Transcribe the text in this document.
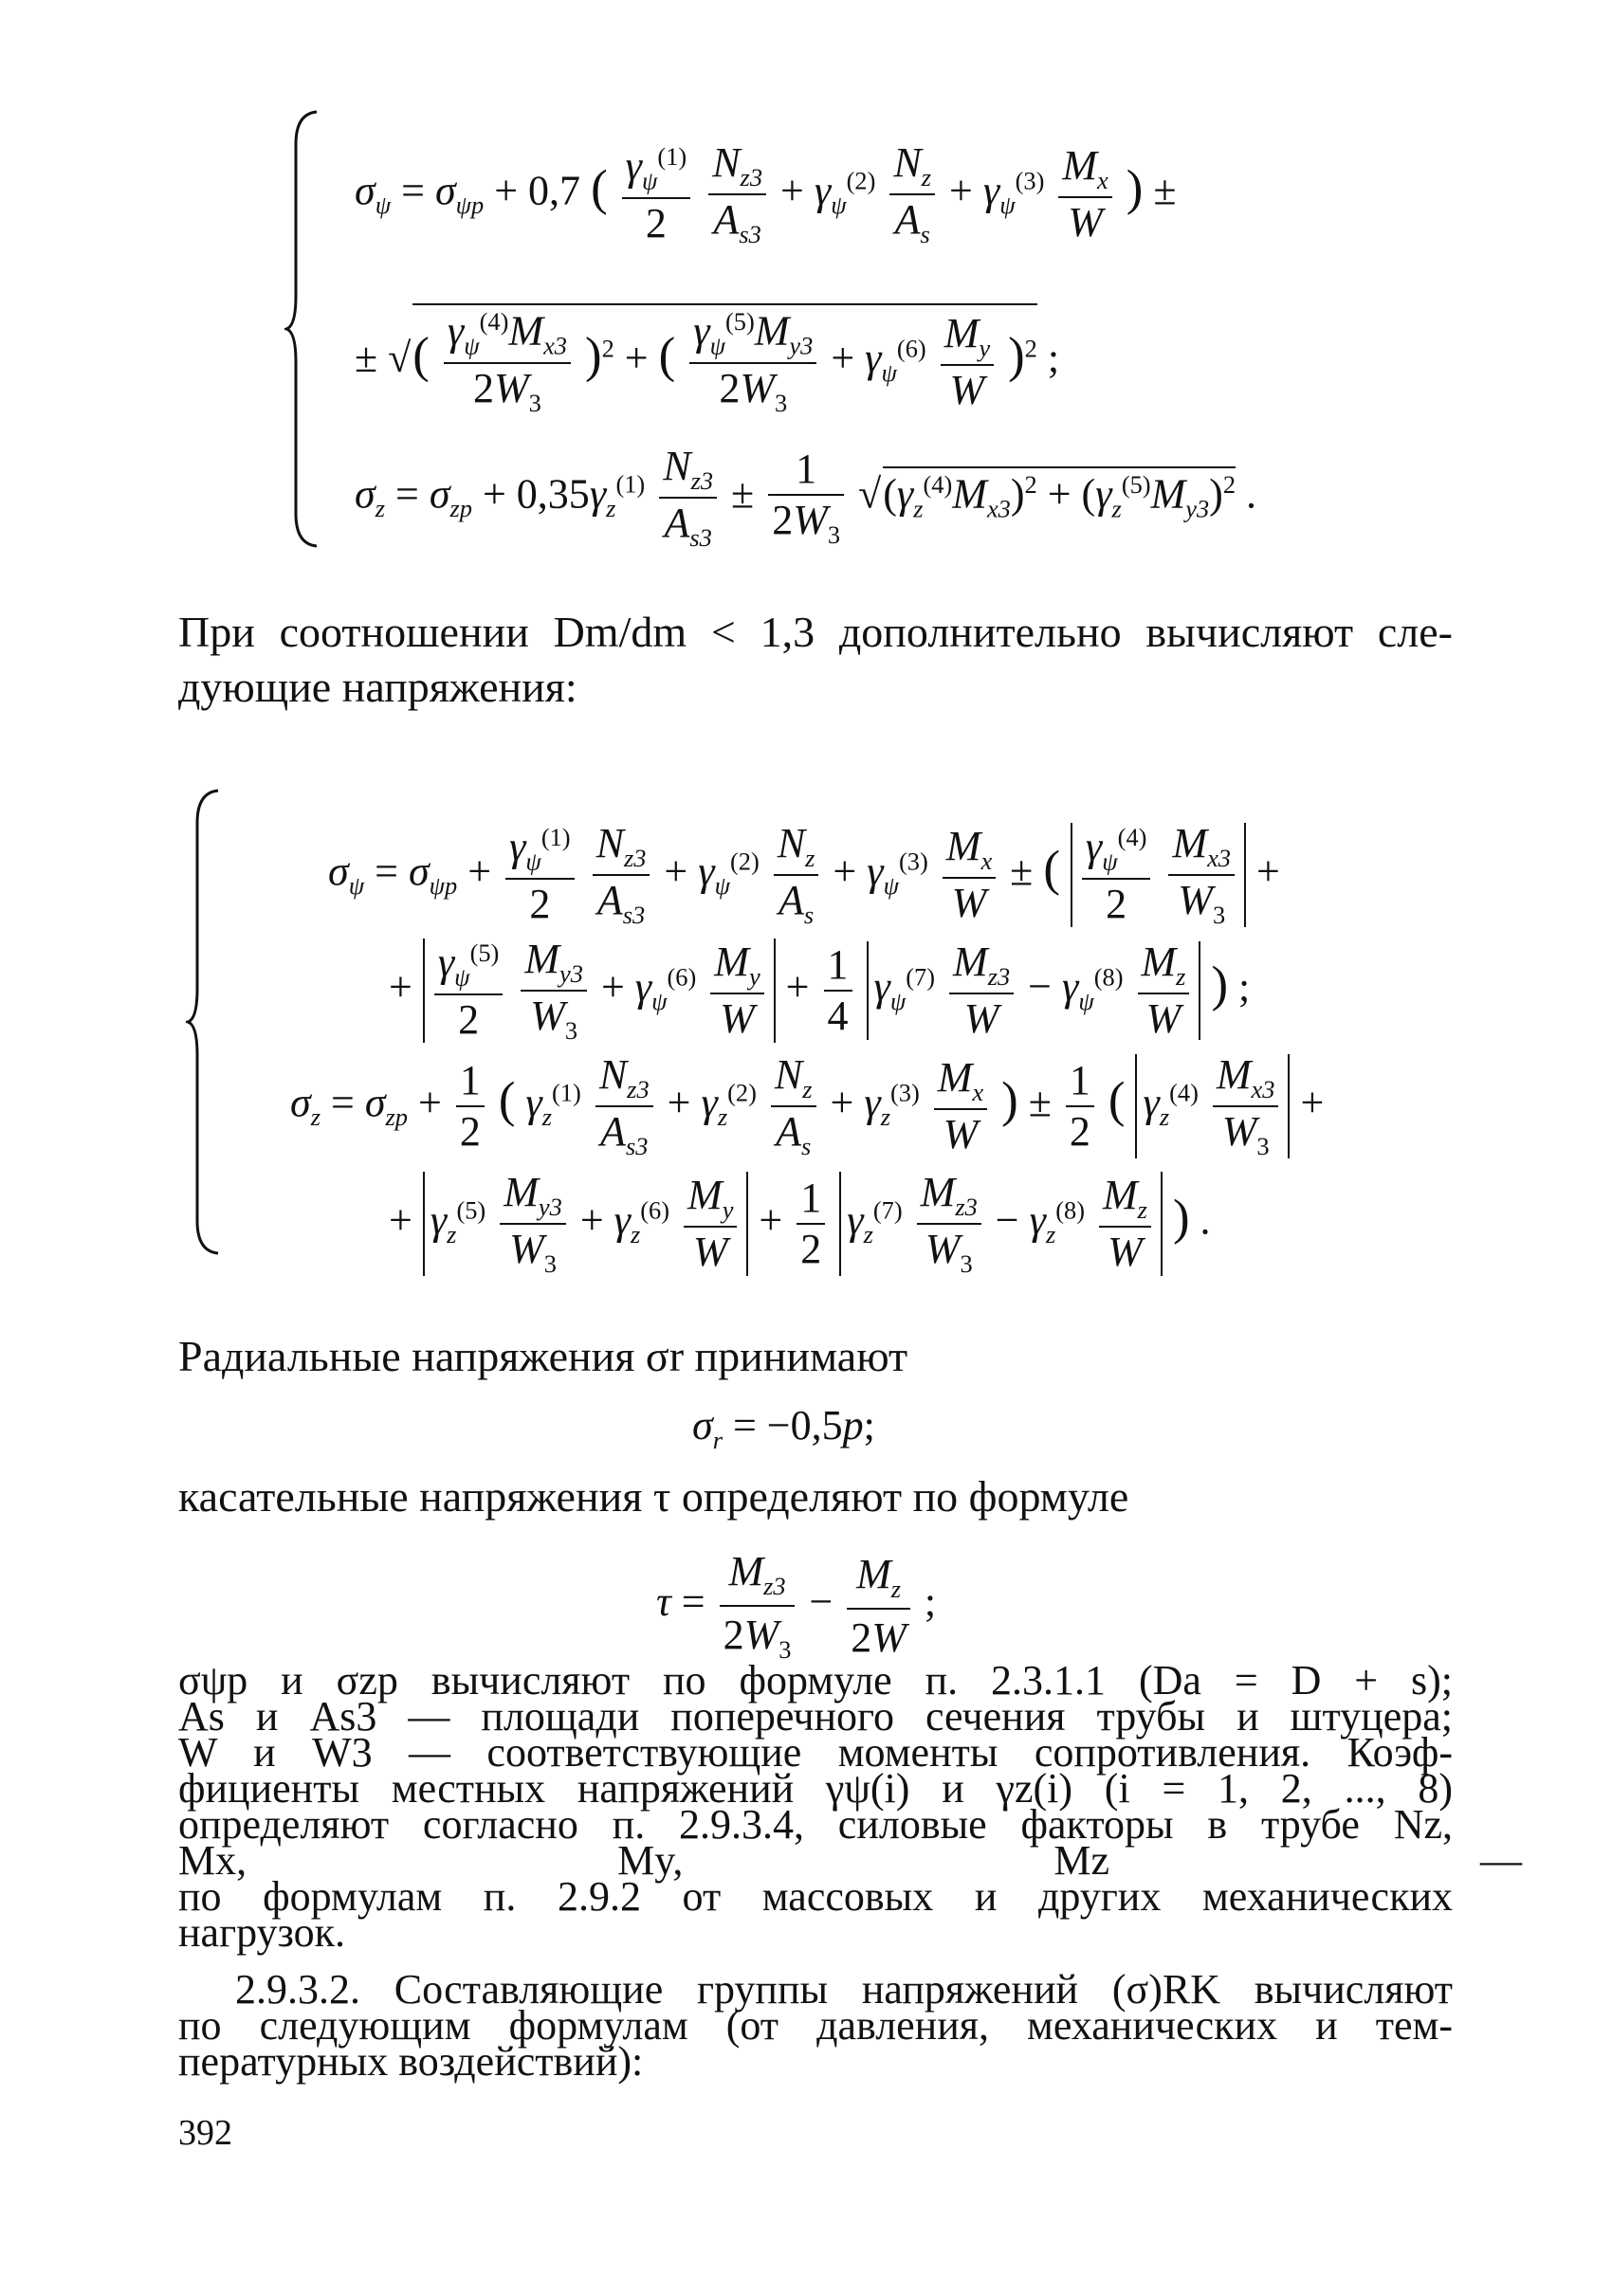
$\sigma_\psi = \sigma_{\psi p} + 0,7$ ( $\frac{\gamma_\psi^{(1)}}{2}$
$\frac{N_{z3}}{A_{s3}} + \gamma_\psi^{(2)} \frac{N_z}{A_s} + \gamma_\psi^{(3)} \frac{M_x}{W}$ ) ±
± √( $\frac{\gamma_\psi^{(4)}M_{x3}}{2W_3} )^2$ + ( $\frac{\gamma_\psi^{(5)}M_{y3}}{2W_3} + \gamma_\psi^{(6)} \frac{M_y}{W} )^2$ ;
$\sigma_z = \sigma_{zp} + 0,35\gamma_z^{(1)} \frac{N_{z3}}{A_{s3}} \pm \frac{1}{2W_3} √(\gamma_z^{(4)}M_{x3})^2 + (\gamma_z^{(5)}M_{y3})^2$ .
При соотношении Dm/dm < 1,3 дополнительно вычисляют сле-
дующие напряжения:
$\sigma_\psi = \sigma_{\psi p} + \frac{\gamma_\psi^{(1)}}{2}$
$\frac{N_{z3}}{A_{s3}} + \gamma_\psi^{(2)} \frac{N_z}{A_s} + \gamma_\psi^{(3)} \frac{M_x}{W}$ ± ( $\frac{\gamma_\psi^{(4)}}{2}$
$\frac{M_{x3}}{W_3}$ +
+ $\frac{\gamma_\psi^{(5)}}{2}$
$\frac{M_{y3}}{W_3} + \gamma_\psi^{(6)} \frac{M_y}{W} + \frac{1}{4} \gamma_\psi^{(7)} \frac{M_{z3}}{W} - \gamma_\psi^{(8)} \frac{M_z}{W}$ ) ;
$\sigma_z = \sigma_{zp} + \frac{1}{2}$ ( $\gamma_z^{(1)} \frac{N_{z3}}{A_{s3}} + \gamma_z^{(2)} \frac{N_z}{A_s} + \gamma_z^{(3)} \frac{M_x}{W}$ ) ± $\frac{1}{2}$ ( $\gamma_z^{(4)} \frac{M_{x3}}{W_3}$ +
+ $\gamma_z^{(5)} \frac{M_{y3}}{W_3} + \gamma_z^{(6)} \frac{M_y}{W} + \frac{1}{2} \gamma_z^{(7)} \frac{M_{z3}}{W_3} - \gamma_z^{(8)} \frac{M_z}{W}$ ) .
Радиальные напряжения σr принимают
$\sigma_r = -0,5p$;
касательные напряжения τ определяют по формуле
$\tau = \frac{M_{z3}}{2W_3} - \frac{M_z}{2W}$ ;
σψp и σzp вычисляют по формуле п. 2.3.1.1 (Da = D + s);
As и As3 — площади поперечного сечения трубы и штуцера;
W и W3 — соответствующие моменты сопротивления. Коэф-
фициенты местных напряжений γψ(i) и γz(i) (i = 1, 2, ..., 8)
определяют согласно п. 2.9.3.4, силовые факторы в трубе Nz,
Mx, My, Mz —
по формулам п. 2.9.2 от массовых и других механических
нагрузок.
2.9.3.2. Составляющие группы напряжений (σ)RK вычисляют
по следующим формулам (от давления, механических и тем-
пературных воздействий):
392
